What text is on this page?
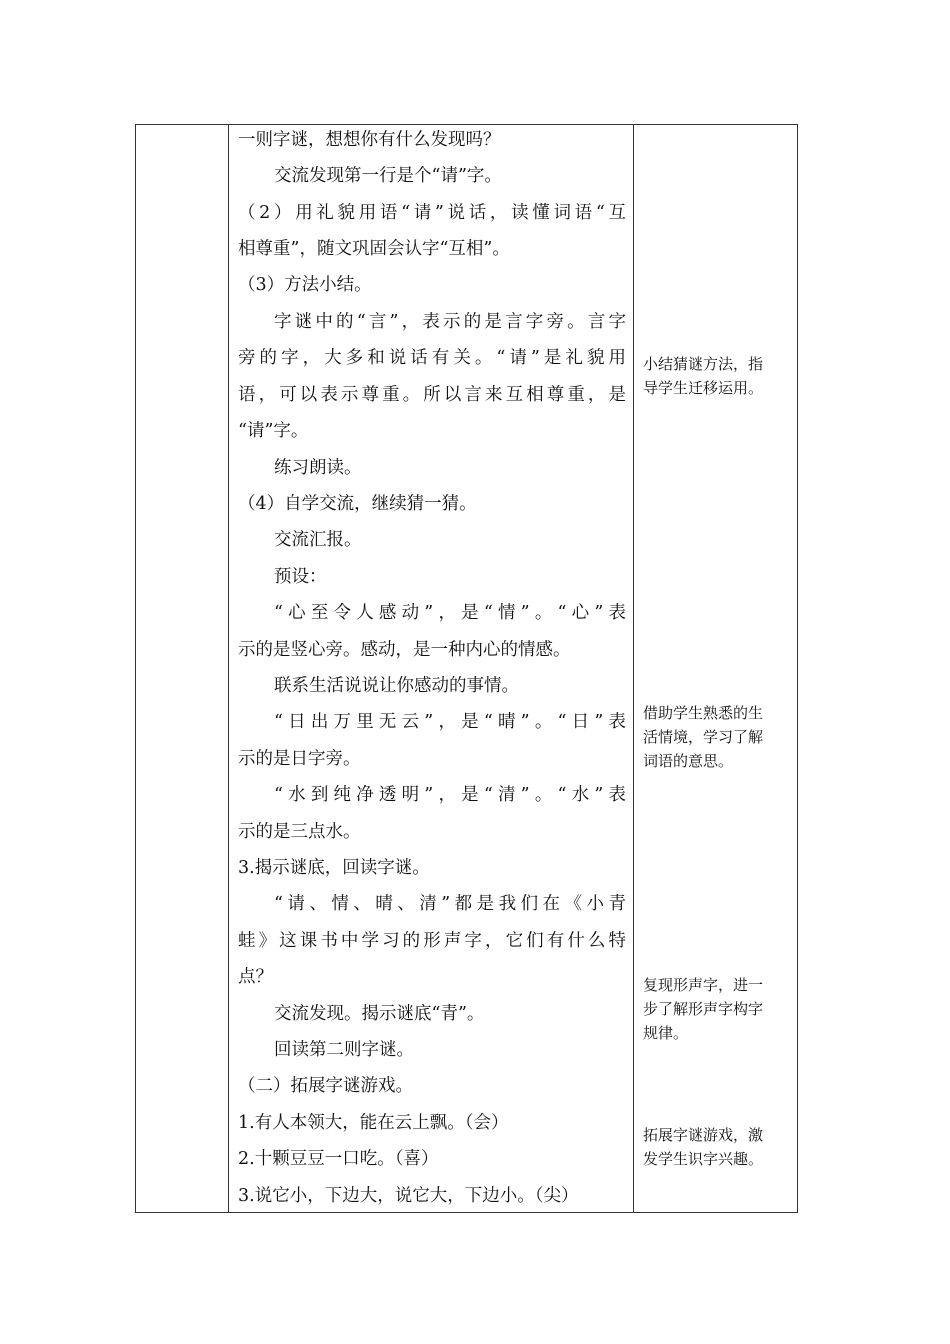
一则字谜，想想你有什么发现吗？
交流发现第一行是个“请”字。
（2）用礼貌用语“请”说话，读懂词语“互
相尊重”，随文巩固会认字“互相”。
（3）方法小结。
字谜中的“言”，表示的是言字旁。言字
旁的字，大多和说话有关。“请”是礼貌用
语，可以表示尊重。所以言来互相尊重，是
“请”字。
练习朗读。
（4）自学交流，继续猜一猜。
交流汇报。
预设：
“心至令人感动”，是“情”。“心”表
示的是竖心旁。感动，是一种内心的情感。
联系生活说说让你感动的事情。
“日出万里无云”，是“晴”。“日”表
示的是日字旁。
“水到纯净透明”，是“清”。“水”表
示的是三点水。
3.揭示谜底，回读字谜。
“请、情、晴、清”都是我们在《小青
蛙》这课书中学习的形声字，它们有什么特
点？
交流发现。揭示谜底“青”。
回读第二则字谜。
（二）拓展字谜游戏。
1.有人本领大，能在云上飘。（会）
2.十颗豆豆一口吃。（喜）
3.说它小，下边大，说它大，下边小。（尖）
小结猜谜方法，指
导学生迁移运用。
借助学生熟悉的生
活情境，学习了解
词语的意思。
复现形声字，进一
步了解形声字构字
规律。
拓展字谜游戏，激
发学生识字兴趣。
